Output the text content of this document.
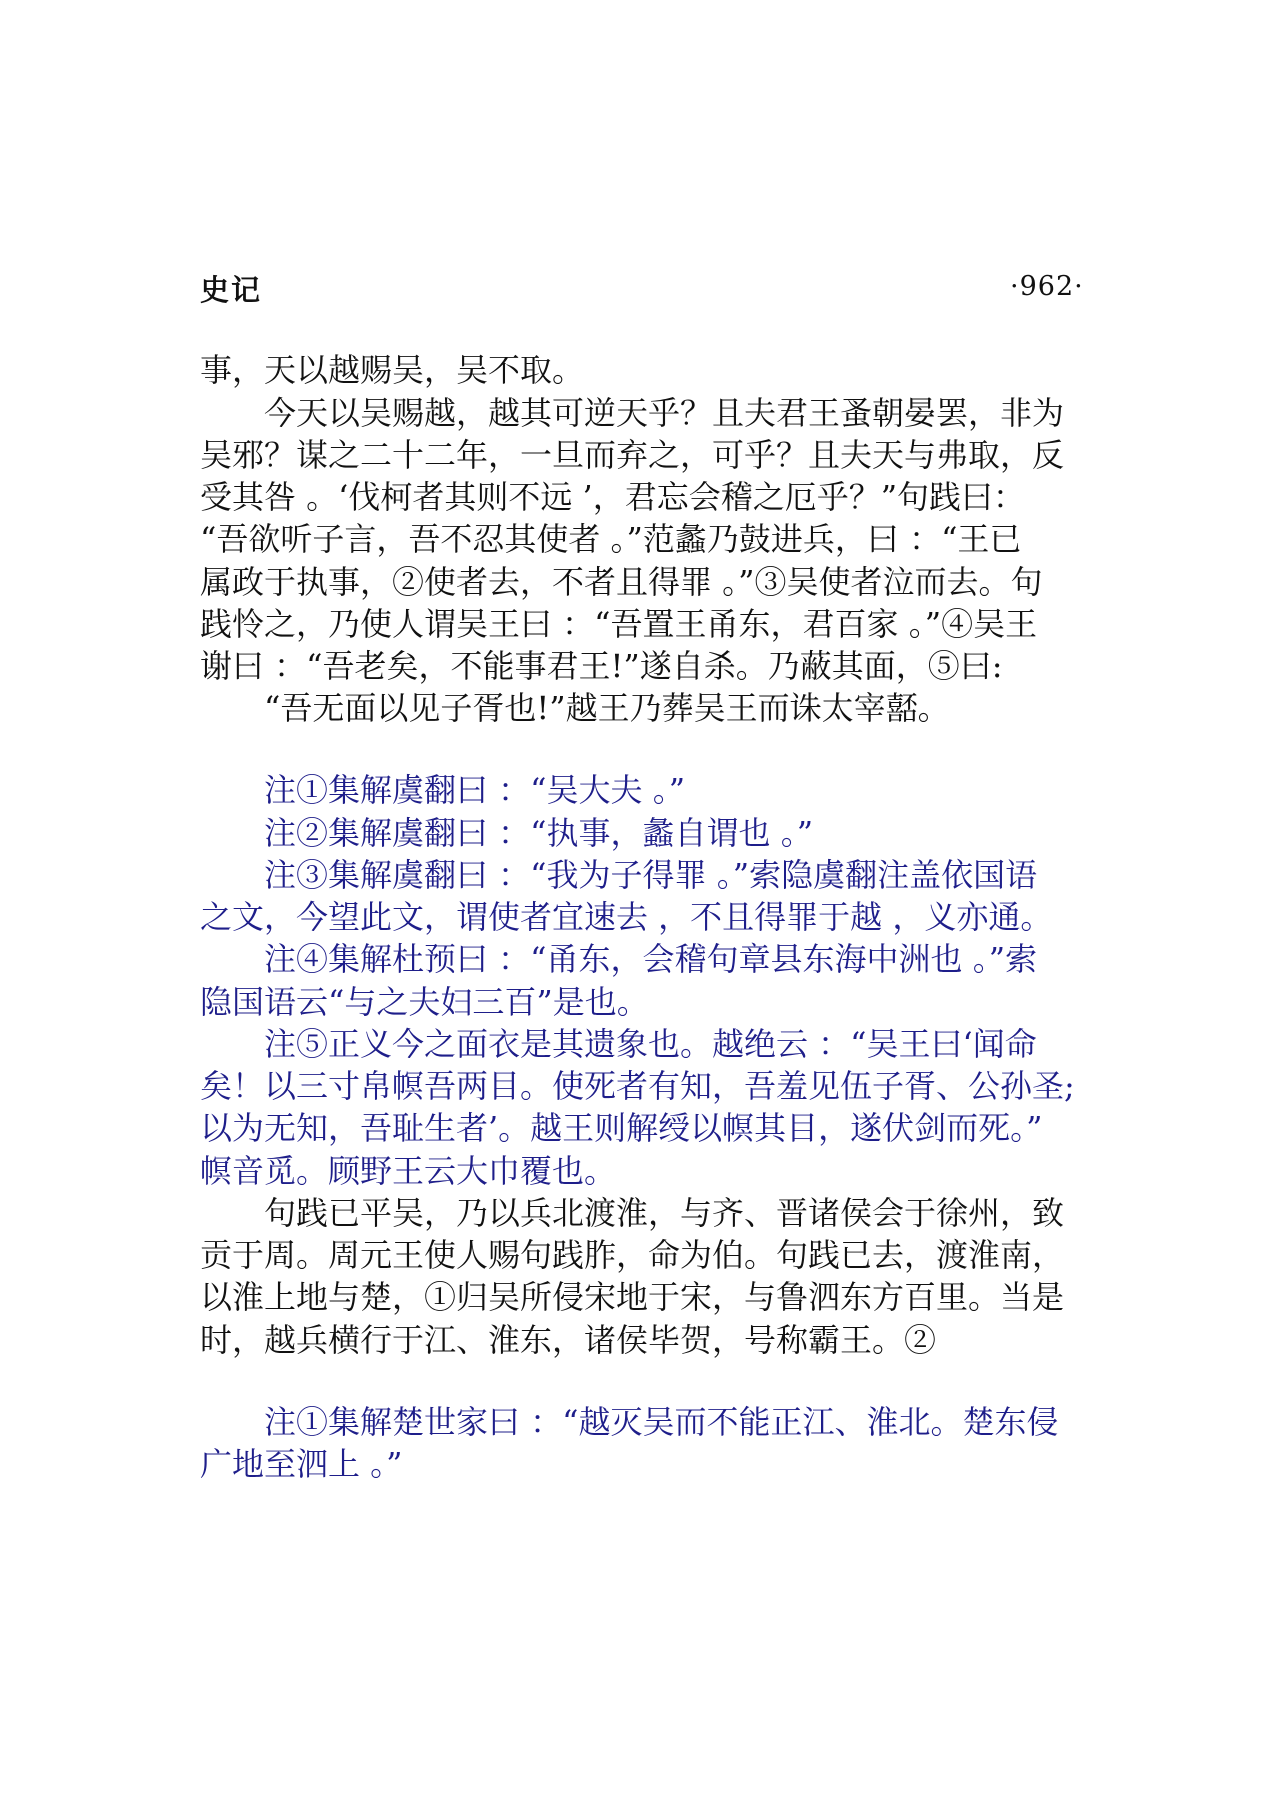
史记	·962·
事，天以越赐吴，吴不取。
今天以吴赐越，越其可逆天乎？且夫君王蚤朝晏罢，非为
吴邪？谋之二十二年，一旦而弃之，可乎？且夫天与弗取，反
受其咎 。‘伐柯者其则不远 ’，君忘会稽之厄乎？”句践曰：
“吾欲听子言，吾不忍其使者 。”范蠡乃鼓进兵，曰 ：“王已
属政于执事，②使者去，不者且得罪 。”③吴使者泣而去。句
践怜之，乃使人谓吴王曰 ：“吾置王甬东，君百家 。”④吴王
谢曰 ：“吾老矣，不能事君王!”遂自杀。乃蔽其面，⑤曰:
“吾无面以见子胥也!”越王乃葬吴王而诛太宰嚭。
注①集解虞翻曰 ：“吴大夫 。”
注②集解虞翻曰 ：“执事，蠡自谓也 。”
注③集解虞翻曰 ：“我为子得罪 。”索隐虞翻注盖依国语
之文，今望此文，谓使者宜速去 ，不且得罪于越 ，义亦通。
注④集解杜预曰 ：“甬东，会稽句章县东海中洲也 。”索
隐国语云“与之夫妇三百”是也。
注⑤正义今之面衣是其遗象也。越绝云 ：“吴王曰‘闻命
矣！以三寸帛幎吾两目。使死者有知，吾羞见伍子胥、公孙圣;
以为无知，吾耻生者’。越王则解绶以幎其目，遂伏剑而死。”
幎音觅。顾野王云大巾覆也。
句践已平吴，乃以兵北渡淮，与齐、晋诸侯会于徐州，致
贡于周。周元王使人赐句践胙，命为伯。句践已去，渡淮南，
以淮上地与楚，①归吴所侵宋地于宋，与鲁泗东方百里。当是
时，越兵横行于江、淮东，诸侯毕贺，号称霸王。②
注①集解楚世家曰 ：“越灭吴而不能正江、淮北。楚东侵
广地至泗上 。”
